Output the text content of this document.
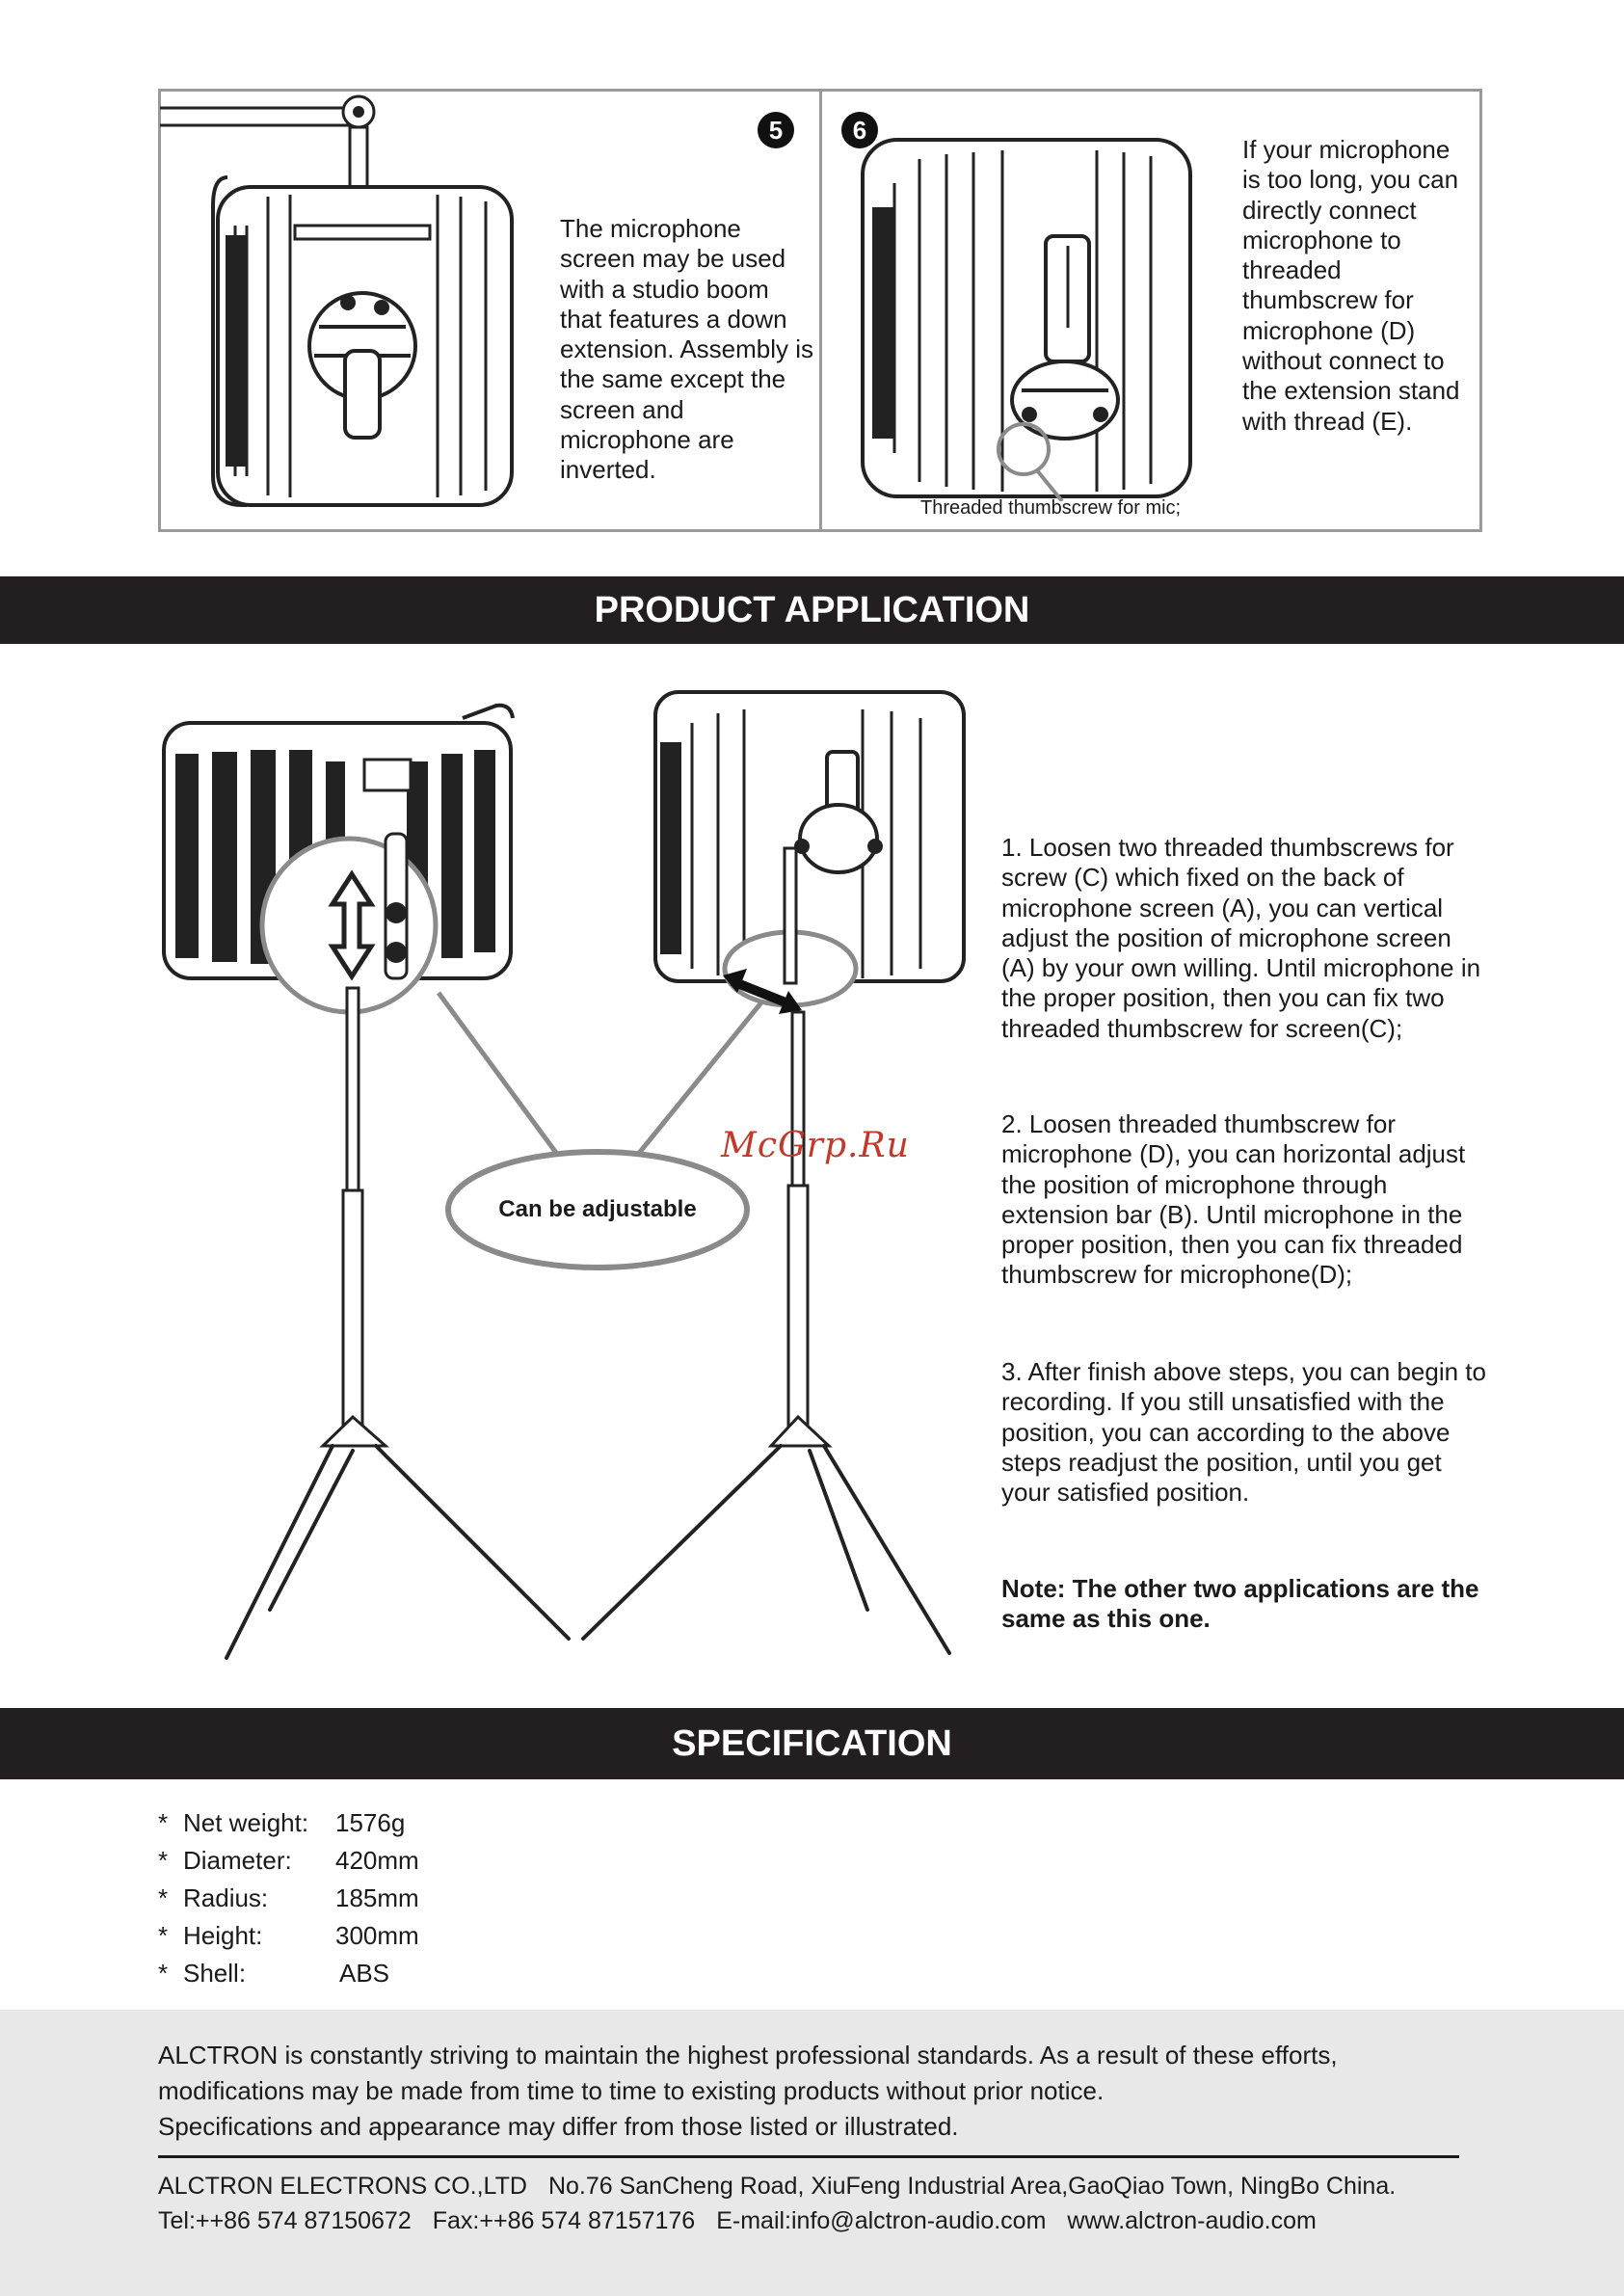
5
The microphone screen may be used with a studio boom that features a down extension. Assembly is the same except the screen and microphone are inverted.
6
Threaded thumbscrew for mic;
If your microphone is too long, you can directly connect microphone to threaded thumbscrew for microphone (D) without connect to the extension stand with thread (E).
PRODUCT APPLICATION
Can be adjustable
McGrp.Ru
1. Loosen two threaded thumbscrews for screw (C) which fixed on the back of microphone screen (A), you can vertical adjust the position of microphone screen (A) by your own willing. Until microphone in the proper position, then you can fix two threaded thumbscrew for screen(C);
2. Loosen threaded thumbscrew for microphone (D), you can horizontal adjust the position of microphone through extension bar (B). Until microphone in the proper position, then you can fix threaded thumbscrew for microphone(D);
3. After finish above steps, you can begin to recording. If you still unsatisfied with the position, you can according to the above steps readjust the position, until you get your satisfied position.
Note: The other two applications are the same as this one.
SPECIFICATION
* Net weight:	1576g
* Diameter:	420mm
* Radius:	185mm
* Height:	300mm
* Shell:	ABS
ALCTRON is constantly striving to maintain the highest professional standards. As a result of these efforts,
modifications may be made from time to time to existing products without prior notice.
Specifications and appearance may differ from those listed or illustrated.
ALCTRON ELECTRONS CO.,LTD No.76 SanCheng Road, XiuFeng Industrial Area,GaoQiao Town, NingBo China.
Tel:++86 574 87150672 Fax:++86 574 87157176 E-mail:info@alctron-audio.com www.alctron-audio.com
